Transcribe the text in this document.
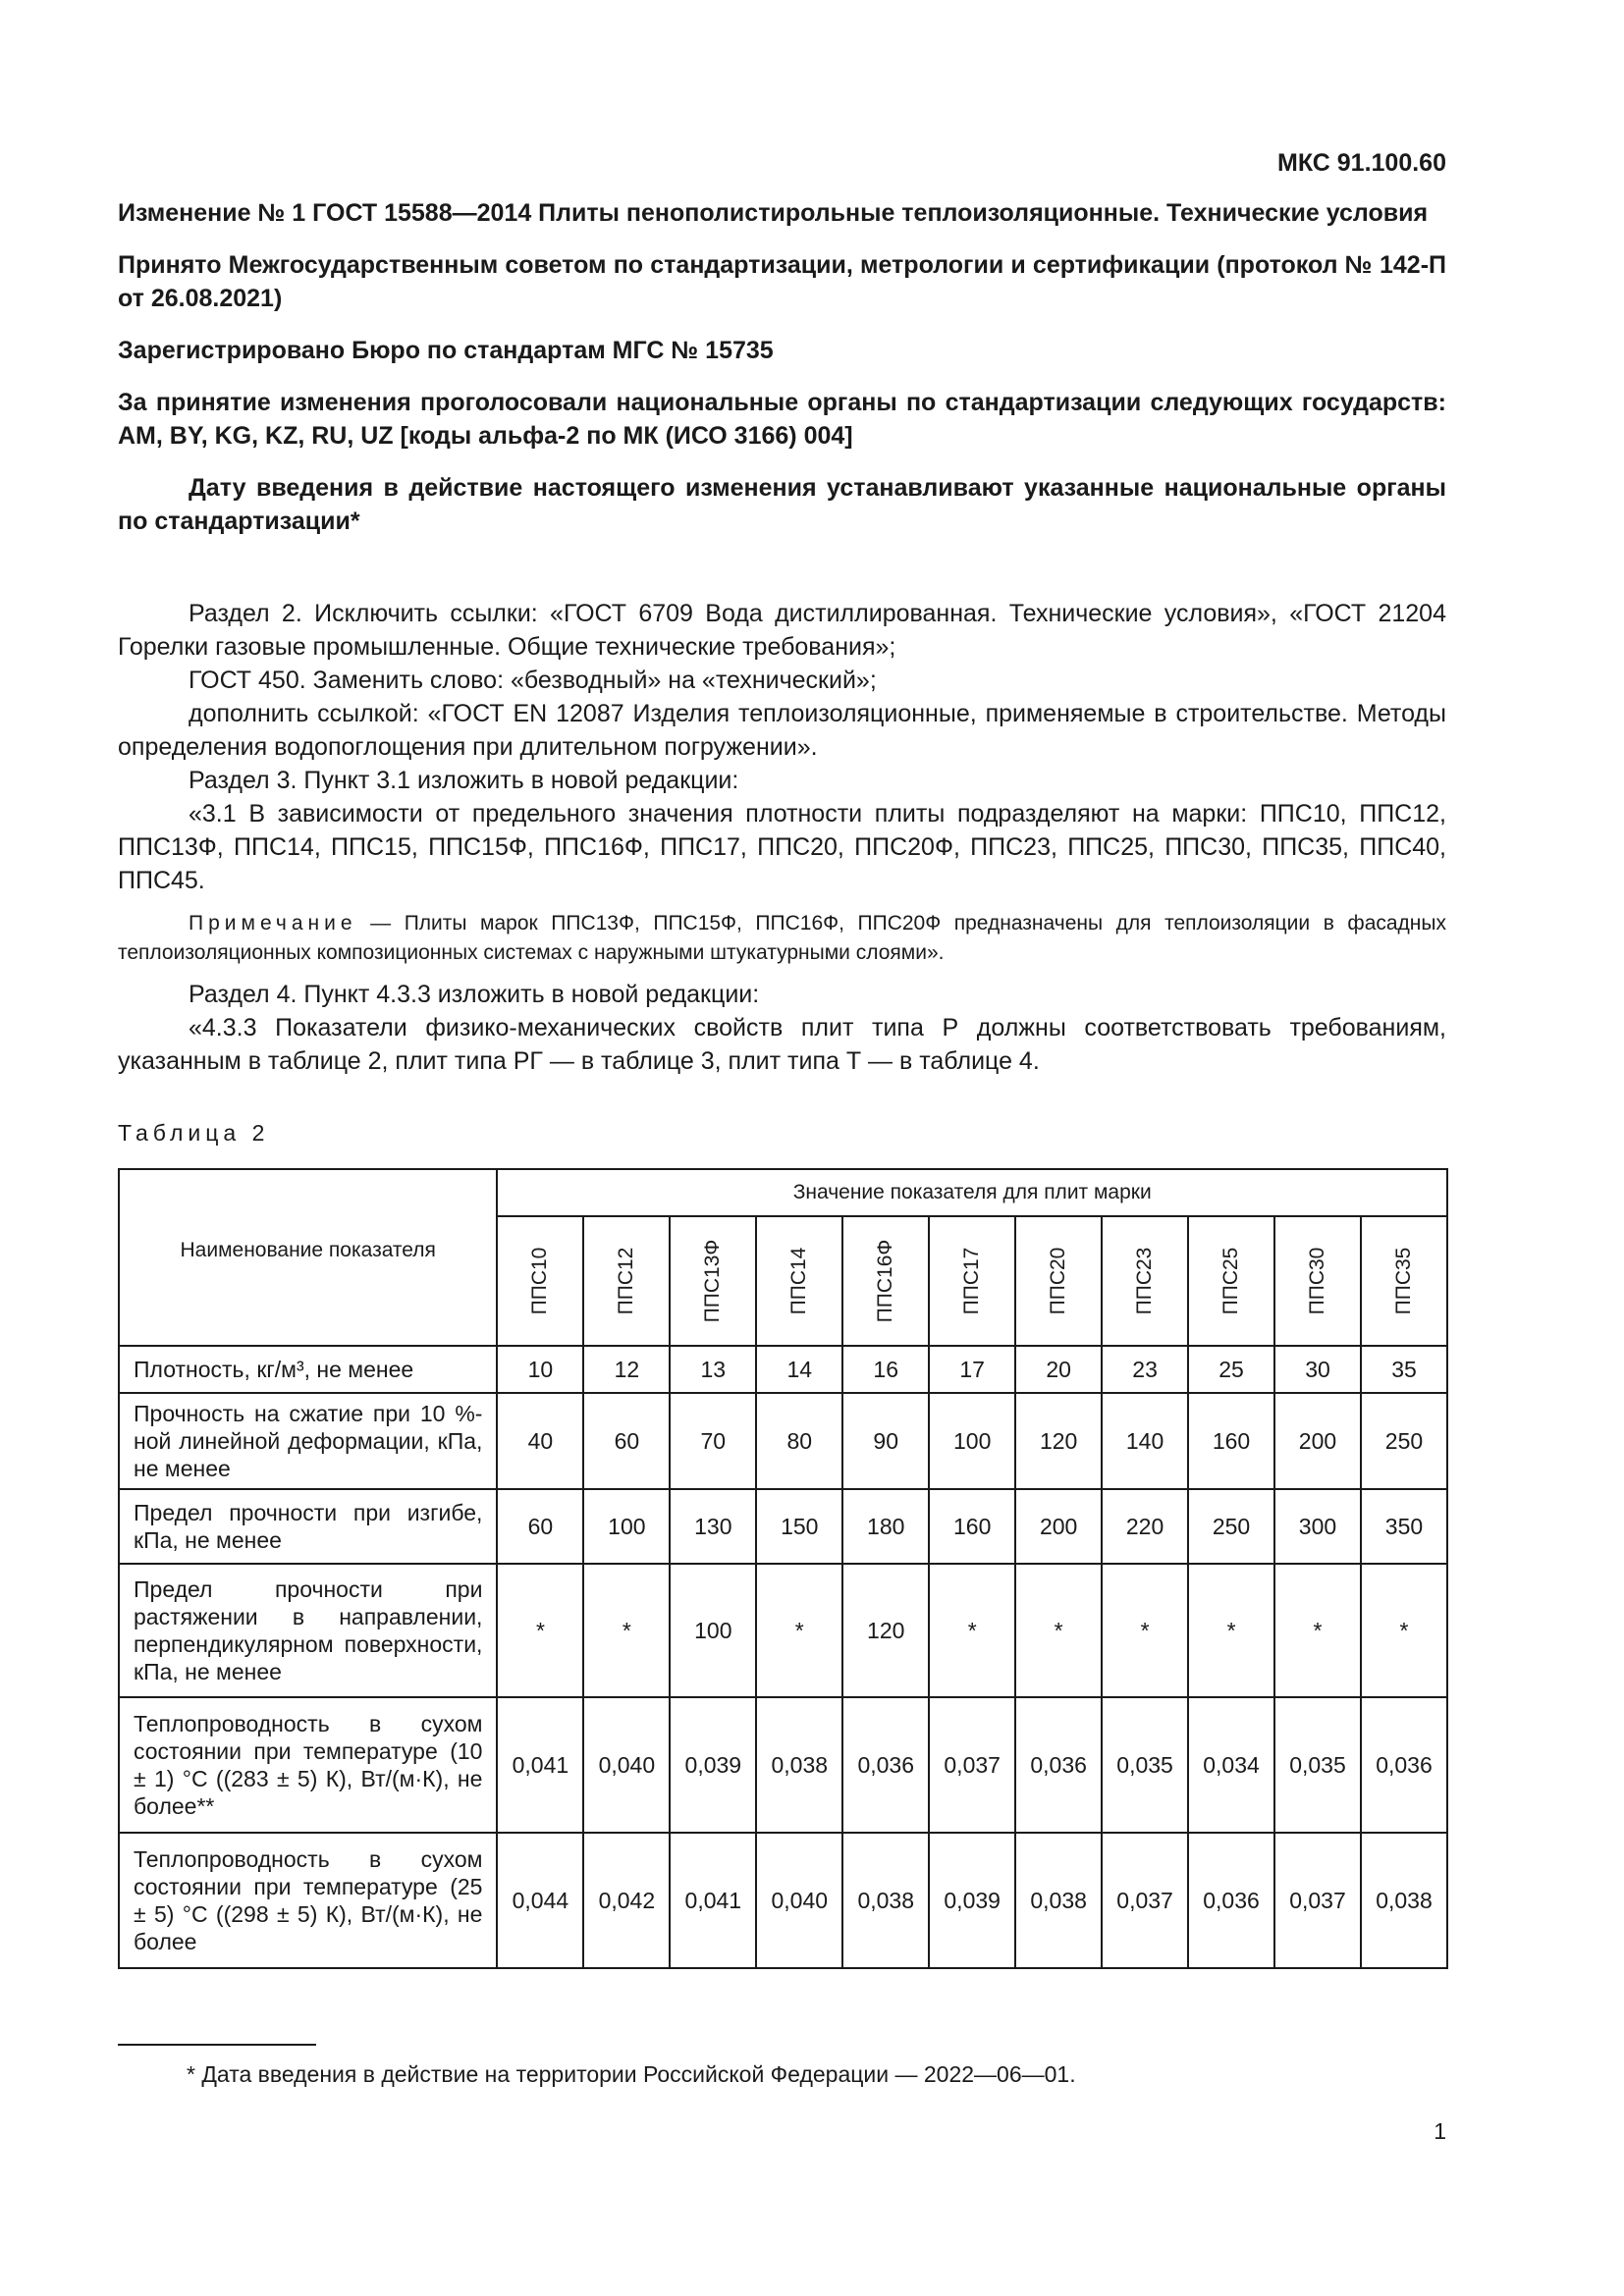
МКС 91.100.60

Изменение № 1 ГОСТ 15588—2014 Плиты пенополистирольные теплоизоляционные. Технические условия

Принято Межгосударственным советом по стандартизации, метрологии и сертификации (протокол № 142-П от 26.08.2021)

Зарегистрировано Бюро по стандартам МГС № 15735

За принятие изменения проголосовали национальные органы по стандартизации следующих государств: AM, BY, KG, KZ, RU, UZ [коды альфа-2 по МК (ИСО 3166) 004]

Дату введения в действие настоящего изменения устанавливают указанные национальные органы по стандартизации*

Раздел 2. Исключить ссылки: «ГОСТ 6709 Вода дистиллированная. Технические условия», «ГОСТ 21204 Горелки газовые промышленные. Общие технические требования»;

ГОСТ 450. Заменить слово: «безводный» на «технический»;

дополнить ссылкой: «ГОСТ EN 12087 Изделия теплоизоляционные, применяемые в строительстве. Методы определения водопоглощения при длительном погружении».

Раздел 3. Пункт 3.1 изложить в новой редакции:

«3.1 В зависимости от предельного значения плотности плиты подразделяют на марки: ППС10, ППС12, ППС13Ф, ППС14, ППС15, ППС15Ф, ППС16Ф, ППС17, ППС20, ППС20Ф, ППС23, ППС25, ППС30, ППС35, ППС40, ППС45.

Примечание — Плиты марок ППС13Ф, ППС15Ф, ППС16Ф, ППС20Ф предназначены для теплоизоляции в фасадных теплоизоляционных композиционных системах с наружными штукатурными слоями».

Раздел 4. Пункт 4.3.3 изложить в новой редакции:

«4.3.3 Показатели физико-механических свойств плит типа Р должны соответствовать требованиям, указанным в таблице 2, плит типа РГ — в таблице 3, плит типа Т — в таблице 4.

Таблица 2
Наименование показателя	Значение показателя для плит марки										

	ППС10	ППС12	ППС13Ф	ППС14	ППС16Ф	ППС17	ППС20	ППС23	ППС25	ППС30	ППС35

Плотность, кг/м³, не менее	10	12	13	14	16	17	20	23	25	30	35
Прочность на сжатие при 10 %-ной линейной деформации, кПа, не менее	40	60	70	80	90	100	120	140	160	200	250
Предел прочности при изгибе, кПа, не менее	60	100	130	150	180	160	200	220	250	300	350
Предел прочности при растяжении в направлении, перпендикулярном поверхности, кПа, не менее	*	*	100	*	120	*	*	*	*	*	*
Теплопроводность в сухом состоянии при температуре (10 ± 1) °С ((283 ± 5) К), Вт/(м·К), не более**	0,041	0,040	0,039	0,038	0,036	0,037	0,036	0,035	0,034	0,035	0,036
Теплопроводность в сухом состоянии при температуре (25 ± 5) °С ((298 ± 5) К), Вт/(м·К), не более	0,044	0,042	0,041	0,040	0,038	0,039	0,038	0,037	0,036	0,037	0,038
* Дата введения в действие на территории Российской Федерации — 2022—06—01.
1
